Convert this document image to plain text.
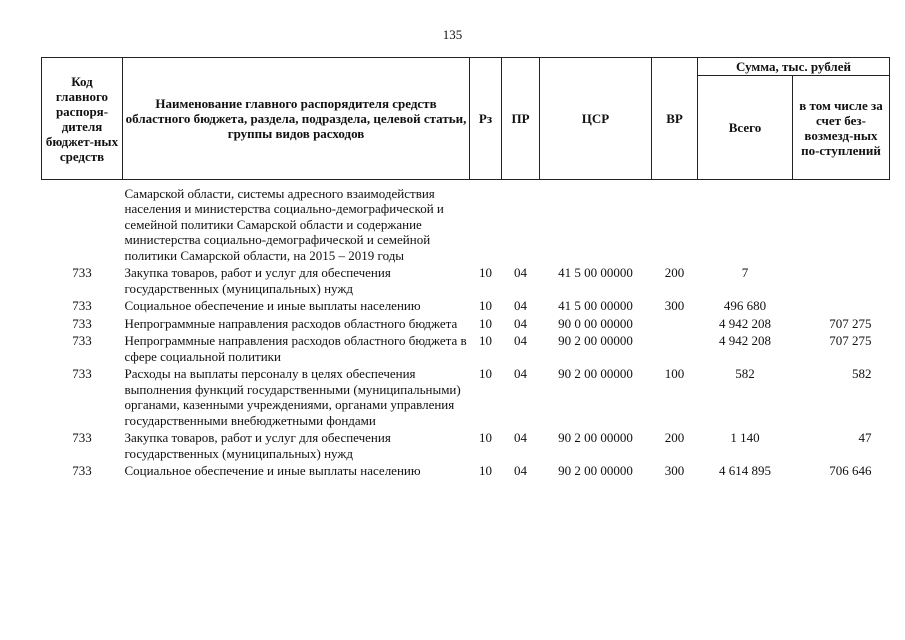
135
Код главного распоря-дителя бюджет-ных средств	Наименование главного распорядителя средств областного бюджета, раздела, подраздела, целевой статьи, группы видов расходов	Рз	ПР	ЦСР	ВР	Сумма, тыс. рублей	
						Всего	в том числе за счет без-возмезд-ных по-ступлений

	Самарской области, системы адресного взаимодействия населения и министерства социально-демографической и семейной политики Самарской области и содержание министерства социально-демографической и семейной политики Самарской области, на 2015 – 2019 годы						
733	Закупка товаров, работ и услуг для обеспечения государственных (муниципальных) нужд	10	04	41 5 00 00000	200	7	
733	Социальное обеспечение и иные выплаты населению	10	04	41 5 00 00000	300	496 680	
733	Непрограммные направления расходов областного бюджета	10	04	90 0 00 00000		4 942 208	707 275
733	Непрограммные направления расходов областного бюджета в сфере социальной политики	10	04	90 2 00 00000		4 942 208	707 275
733	Расходы на выплаты персоналу в целях обеспечения выполнения функций государственными (муниципальными) органами, казенными учреждениями, органами управления государственными внебюджетными фондами	10	04	90 2 00 00000	100	582	582
733	Закупка товаров, работ и услуг для обеспечения государственных (муниципальных) нужд	10	04	90 2 00 00000	200	1 140	47
733	Социальное обеспечение и иные выплаты населению	10	04	90 2 00 00000	300	4 614 895	706 646
